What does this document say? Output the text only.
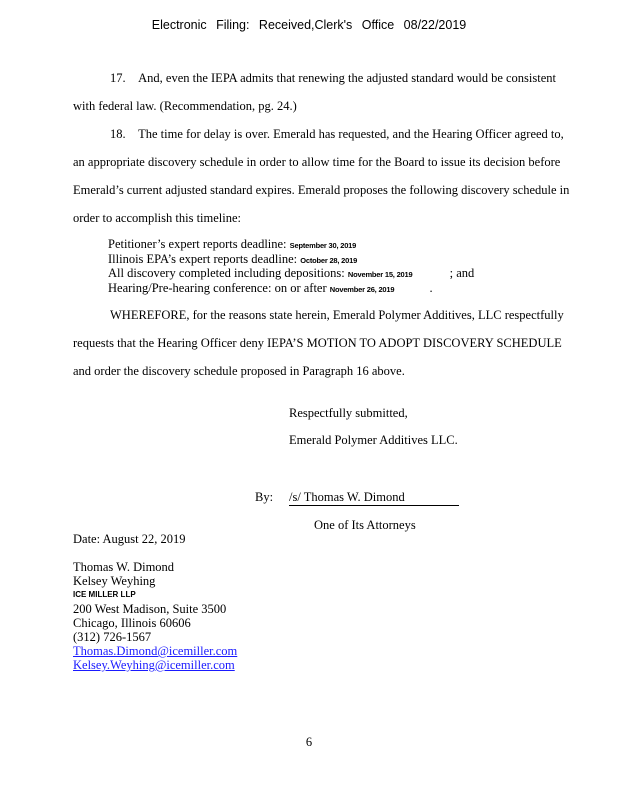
Electronic Filing: Received,Clerk's Office 08/22/2019
17. And, even the IEPA admits that renewing the adjusted standard would be consistent with federal law. (Recommendation, pg. 24.)
18. The time for delay is over. Emerald has requested, and the Hearing Officer agreed to, an appropriate discovery schedule in order to allow time for the Board to issue its decision before Emerald’s current adjusted standard expires. Emerald proposes the following discovery schedule in order to accomplish this timeline:
Petitioner’s expert reports deadline: September 30, 2019
Illinois EPA’s expert reports deadline: October 28, 2019
All discovery completed including depositions: November 15, 2019	; and
Hearing/Pre-hearing conference: on or after November 26, 2019	.
WHEREFORE, for the reasons state herein, Emerald Polymer Additives, LLC respectfully requests that the Hearing Officer deny IEPA’S MOTION TO ADOPT DISCOVERY SCHEDULE and order the discovery schedule proposed in Paragraph 16 above.
Respectfully submitted,
Emerald Polymer Additives LLC.
By: /s/ Thomas W. Dimond
One of Its Attorneys
Date: August 22, 2019
Thomas W. Dimond
Kelsey Weyhing
ICE MILLER LLP
200 West Madison, Suite 3500
Chicago, Illinois 60606
(312) 726-1567
Thomas.Dimond@icemiller.com
Kelsey.Weyhing@icemiller.com
6
